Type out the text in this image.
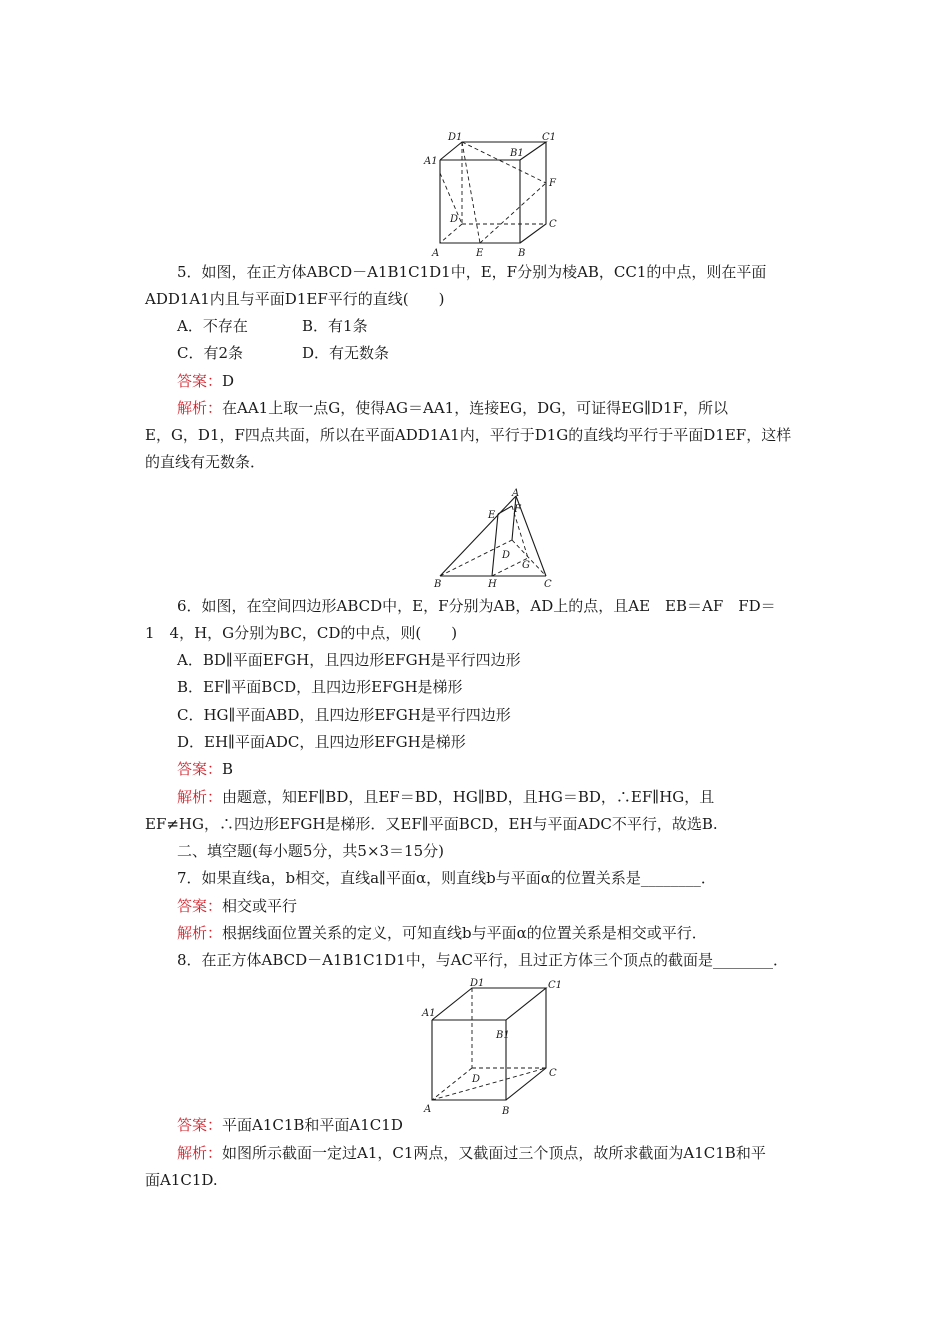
D1	C1
A1
B1
F
D	C
A	E	B
5．如图，在正方体ABCD－A1B1C1D1中，E，F分别为棱AB，CC1的中点，则在平面
ADD1A1内且与平面D1EF平行的直线(　　)
A．不存在	B．有1条
C．有2条	D．有无数条
答案：D
解析：在AA1上取一点G，使得AG＝AA1，连接EG，DG，可证得EG∥D1F，所以
E，G，D1，F四点共面，所以在平面ADD1A1内，平行于D1G的直线均平行于平面D1EF，这样
的直线有无数条．
A
E
F
D
G
B	H	C
6．如图，在空间四边形ABCD中，E，F分别为AB，AD上的点，且AE　EB＝AF　FD＝
1　4，H，G分别为BC，CD的中点，则(　　)
A．BD∥平面EFGH，且四边形EFGH是平行四边形
B．EF∥平面BCD，且四边形EFGH是梯形
C．HG∥平面ABD，且四边形EFGH是平行四边形
D．EH∥平面ADC，且四边形EFGH是梯形
答案：B
解析：由题意，知EF∥BD，且EF＝BD，HG∥BD，且HG＝BD，∴EF∥HG，且
EF≠HG，∴四边形EFGH是梯形．又EF∥平面BCD，EH与平面ADC不平行，故选B.
二、填空题(每小题5分，共5×3＝15分)
7．如果直线a，b相交，直线a∥平面α，则直线b与平面α的位置关系是________．
答案：相交或平行
解析：根据线面位置关系的定义，可知直线b与平面α的位置关系是相交或平行．
8．在正方体ABCD－A1B1C1D1中，与AC平行，且过正方体三个顶点的截面是________．
D1	C1
A1
B1
D
C
A	B
答案：平面A1C1B和平面A1C1D
解析：如图所示截面一定过A1，C1两点，又截面过三个顶点，故所求截面为A1C1B和平
面A1C1D.
